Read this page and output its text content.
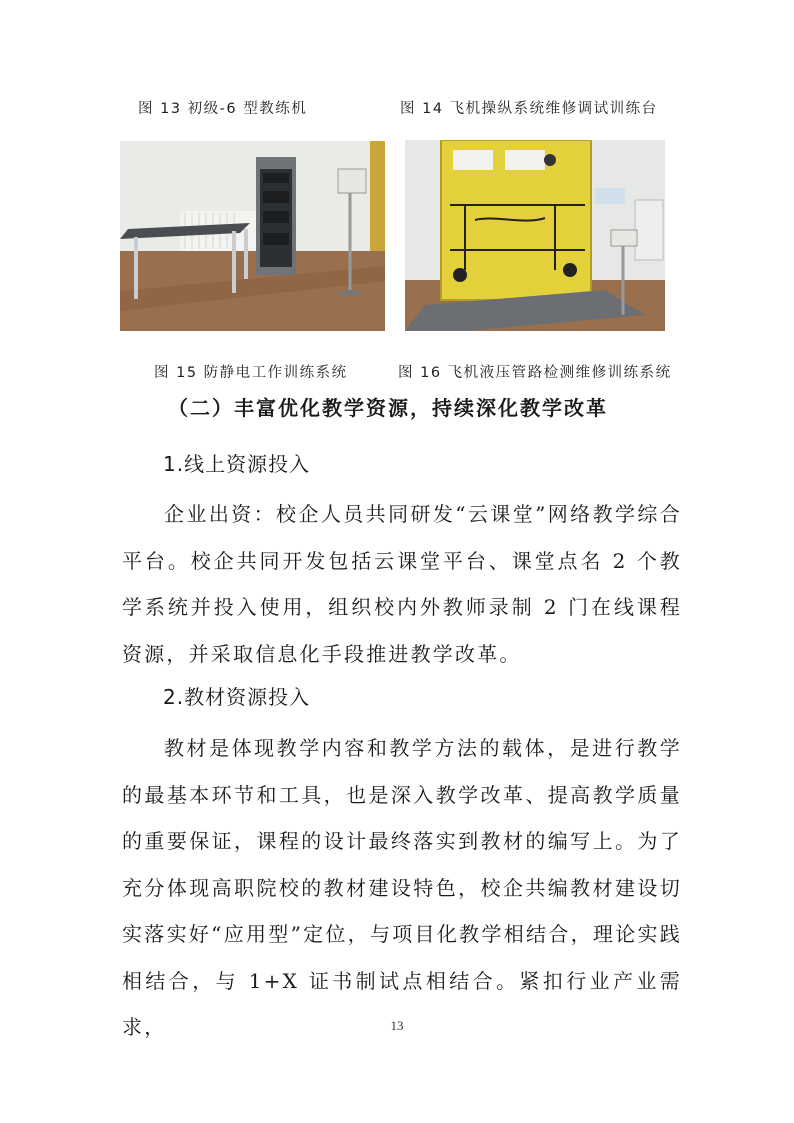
图 13 初级-6 型教练机	图 14 飞机操纵系统维修调试训练台
图 15 防静电工作训练系统	图 16 飞机液压管路检测维修训练系统
（二）丰富优化教学资源，持续深化教学改革
1.线上资源投入

企业出资：校企人员共同研发“云课堂”网络教学综合平台。校企共同开发包括云课堂平台、课堂点名 2 个教学系统并投入使用，组织校内外教师录制 2 门在线课程资源，并采取信息化手段推进教学改革。

2.教材资源投入

教材是体现教学内容和教学方法的载体，是进行教学的最基本环节和工具，也是深入教学改革、提高教学质量的重要保证，课程的设计最终落实到教材的编写上。为了充分体现高职院校的教材建设特色，校企共编教材建设切实落实好“应用型”定位，与项目化教学相结合，理论实践相结合，与 1+X 证书制试点相结合。紧扣行业产业需求，	13
